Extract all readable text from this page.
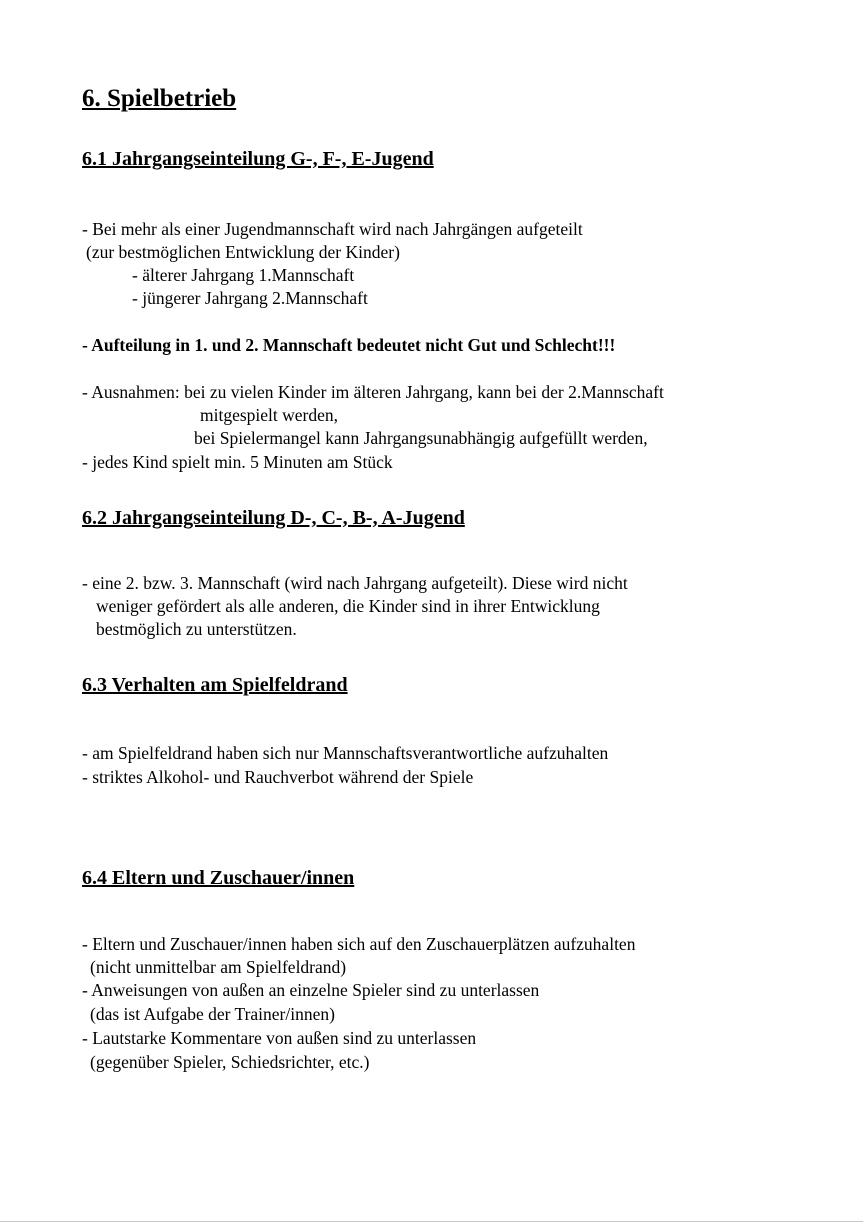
6. Spielbetrieb
6.1 Jahrgangseinteilung G-, F-, E-Jugend

- Bei mehr als einer Jugendmannschaft wird nach Jahrgängen aufgeteilt

(zur bestmöglichen Entwicklung der Kinder)

- älterer Jahrgang 1.Mannschaft

- jüngerer Jahrgang 2.Mannschaft

- Aufteilung in 1. und 2. Mannschaft bedeutet nicht Gut und Schlecht!!!

- Ausnahmen: bei zu vielen Kinder im älteren Jahrgang, kann bei der 2.Mannschaft

mitgespielt werden,

bei Spielermangel kann Jahrgangsunabhängig aufgefüllt werden,

- jedes Kind spielt min. 5 Minuten am Stück

6.2 Jahrgangseinteilung D-, C-, B-, A-Jugend

- eine 2. bzw. 3. Mannschaft (wird nach Jahrgang aufgeteilt). Diese wird nicht

weniger gefördert als alle anderen, die Kinder sind in ihrer Entwicklung

bestmöglich zu unterstützen.

6.3 Verhalten am Spielfeldrand

- am Spielfeldrand haben sich nur Mannschaftsverantwortliche aufzuhalten

- striktes Alkohol- und Rauchverbot während der Spiele

6.4 Eltern und Zuschauer/innen

- Eltern und Zuschauer/innen haben sich auf den Zuschauerplätzen aufzuhalten

(nicht unmittelbar am Spielfeldrand)

- Anweisungen von außen an einzelne Spieler sind zu unterlassen

(das ist Aufgabe der Trainer/innen)

- Lautstarke Kommentare von außen sind zu unterlassen

(gegenüber Spieler, Schiedsrichter, etc.)
